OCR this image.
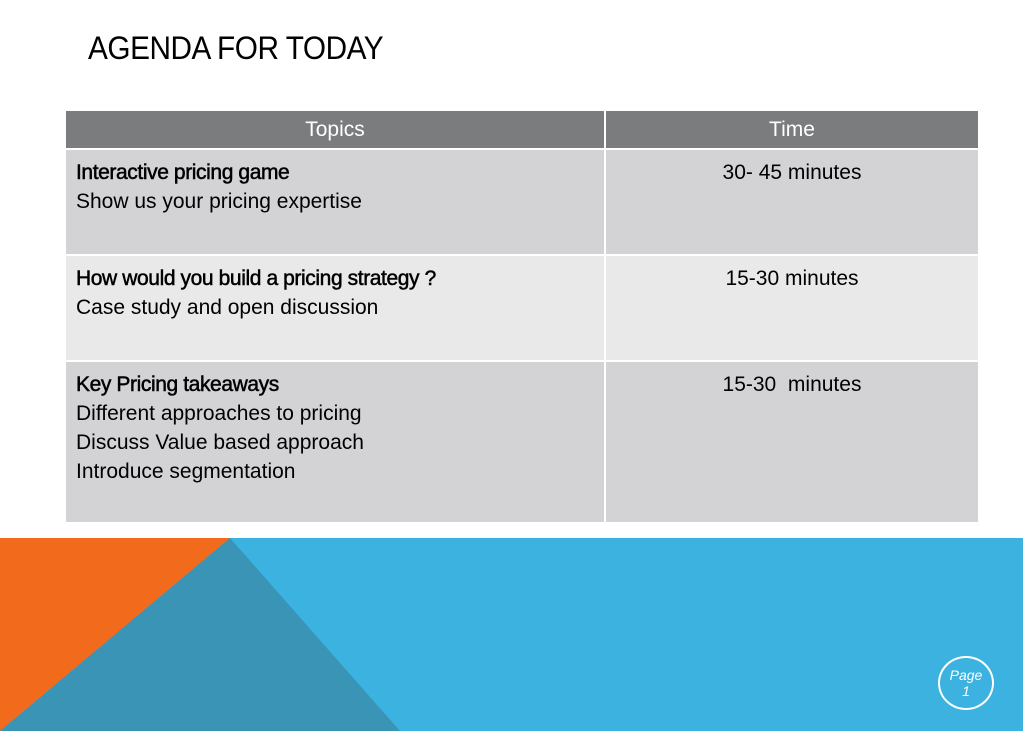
AGENDA FOR TODAY
Topics	Time

Interactive pricing game
Show us your pricing expertise	30- 45 minutes

How would you build a pricing strategy ?
Case study and open discussion	15-30 minutes

Key Pricing takeaways
Different approaches to pricing
Discuss Value based approach
Introduce segmentation	15-30  minutes
Page
1
